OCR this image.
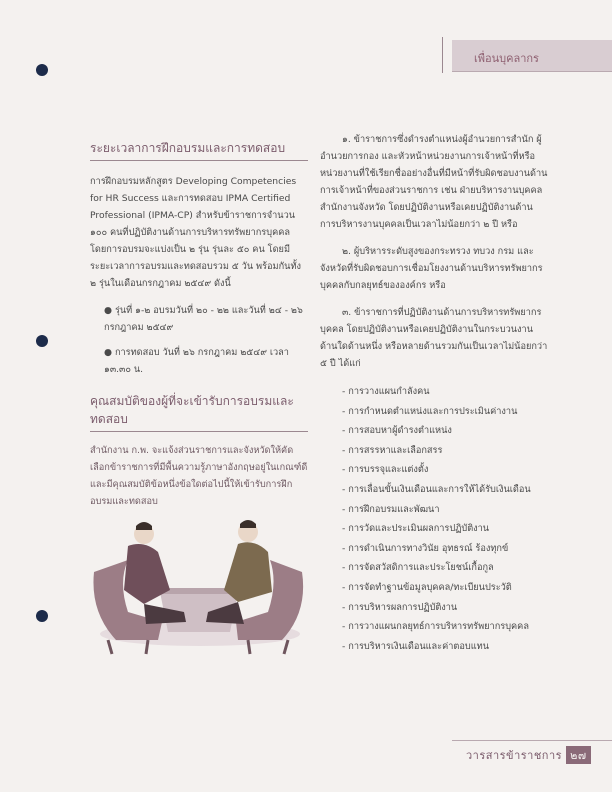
เพื่อนบุคลากร
ระยะเวลาการฝึกอบรมและการทดสอบ

การฝึกอบรมหลักสูตร Developing Competencies for HR Success และการทดสอบ IPMA Certified Professional (IPMA-CP) สำหรับข้าราชการจำนวน ๑๐๐ คนที่ปฏิบัติงานด้านการบริหารทรัพยากรบุคคล โดยการอบรมจะแบ่งเป็น ๒ รุ่น รุ่นละ ๕๐ คน โดยมีระยะเวลาการอบรมและทดสอบรวม ๕ วัน พร้อมกันทั้ง ๒ รุ่นในเดือนกรกฎาคม ๒๕๔๙ ดังนี้

● รุ่นที่ ๑-๒ อบรมวันที่ ๒๐ - ๒๒ และวันที่ ๒๔ - ๒๖ กรกฎาคม ๒๕๔๙
● การทดสอบ วันที่ ๒๖ กรกฎาคม ๒๕๔๙ เวลา ๑๓.๓๐ น.
คุณสมบัติของผู้ที่จะเข้ารับการอบรมและทดสอบ

สำนักงาน ก.พ. จะแจ้งส่วนราชการและจังหวัดให้คัดเลือกข้าราชการที่มีพื้นความรู้ภาษาอังกฤษอยู่ในเกณฑ์ดี และมีคุณสมบัติข้อหนึ่งข้อใดต่อไปนี้ให้เข้ารับการฝึกอบรมและทดสอบ

๑. ข้าราชการซึ่งดำรงตำแหน่งผู้อำนวยการสำนัก ผู้อำนวยการกอง และหัวหน้าหน่วยงานการเจ้าหน้าที่หรือหน่วยงานที่ใช้เรียกชื่ออย่างอื่นที่มีหน้าที่รับผิดชอบงานด้านการเจ้าหน้าที่ของส่วนราชการ เช่น ฝ่ายบริหารงานบุคคล สำนักงานจังหวัด โดยปฏิบัติงานหรือเคยปฏิบัติงานด้านการบริหารงานบุคคลเป็นเวลาไม่น้อยกว่า ๒ ปี หรือ

๒. ผู้บริหารระดับสูงของกระทรวง ทบวง กรม และจังหวัดที่รับผิดชอบการเชื่อมโยงงานด้านบริหารทรัพยากรบุคคลกับกลยุทธ์ขององค์กร หรือ

๓. ข้าราชการที่ปฏิบัติงานด้านการบริหารทรัพยากรบุคคล โดยปฏิบัติงานหรือเคยปฏิบัติงานในกระบวนงานด้านใดด้านหนึ่ง หรือหลายด้านรวมกันเป็นเวลาไม่น้อยกว่า ๕ ปี ได้แก่

- การวางแผนกำลังคน
- การกำหนดตำแหน่งและการประเมินค่างาน
- การสอบหาผู้ดำรงตำแหน่ง
- การสรรหาและเลือกสรร
- การบรรจุและแต่งตั้ง
- การเลื่อนขั้นเงินเดือนและการให้ได้รับเงินเดือน
- การฝึกอบรมและพัฒนา
- การวัดและประเมินผลการปฏิบัติงาน
- การดำเนินการทางวินัย อุทธรณ์ ร้องทุกข์
- การจัดสวัสดิการและประโยชน์เกื้อกูล
- การจัดทำฐานข้อมูลบุคคล/ทะเบียนประวัติ
- การบริหารผลการปฏิบัติงาน
- การวางแผนกลยุทธ์การบริหารทรัพยากรบุคคล
- การบริหารเงินเดือนและค่าตอบแทน
วารสารข้าราชการ ๒๗
